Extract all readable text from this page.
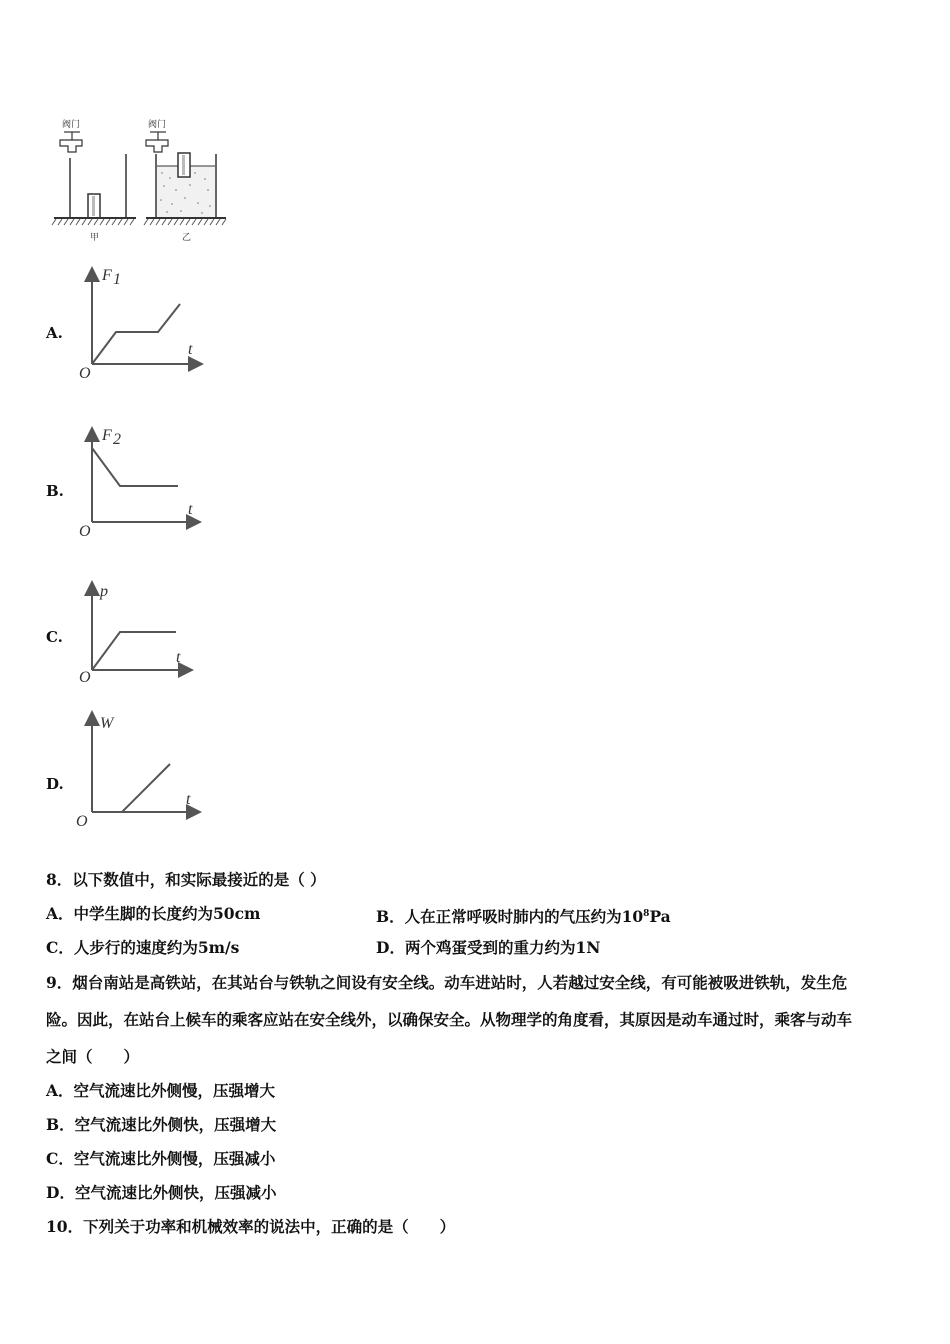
阀门
甲
阀门
乙
A.
F 1
t
O
B.
F 2
t
O
C.
p
t
O
D.
W
t
O
8．以下数值中，和实际最接近的是（ ）
A．中学生脚的长度约为50cm	B．人在正常呼吸时肺内的气压约为$10^8Pa$
C．人步行的速度约为5m/s	D．两个鸡蛋受到的重力约为1N
9．烟台南站是高铁站，在其站台与铁轨之间设有安全线。动车进站时，人若越过安全线，有可能被吸进铁轨，发生危
险。因此，在站台上候车的乘客应站在安全线外，以确保安全。从物理学的角度看，其原因是动车通过时，乘客与动车
之间（　　）
A．空气流速比外侧慢，压强增大
B．空气流速比外侧快，压强增大
C．空气流速比外侧慢，压强减小
D．空气流速比外侧快，压强减小
10．下列关于功率和机械效率的说法中，正确的是（　　）
